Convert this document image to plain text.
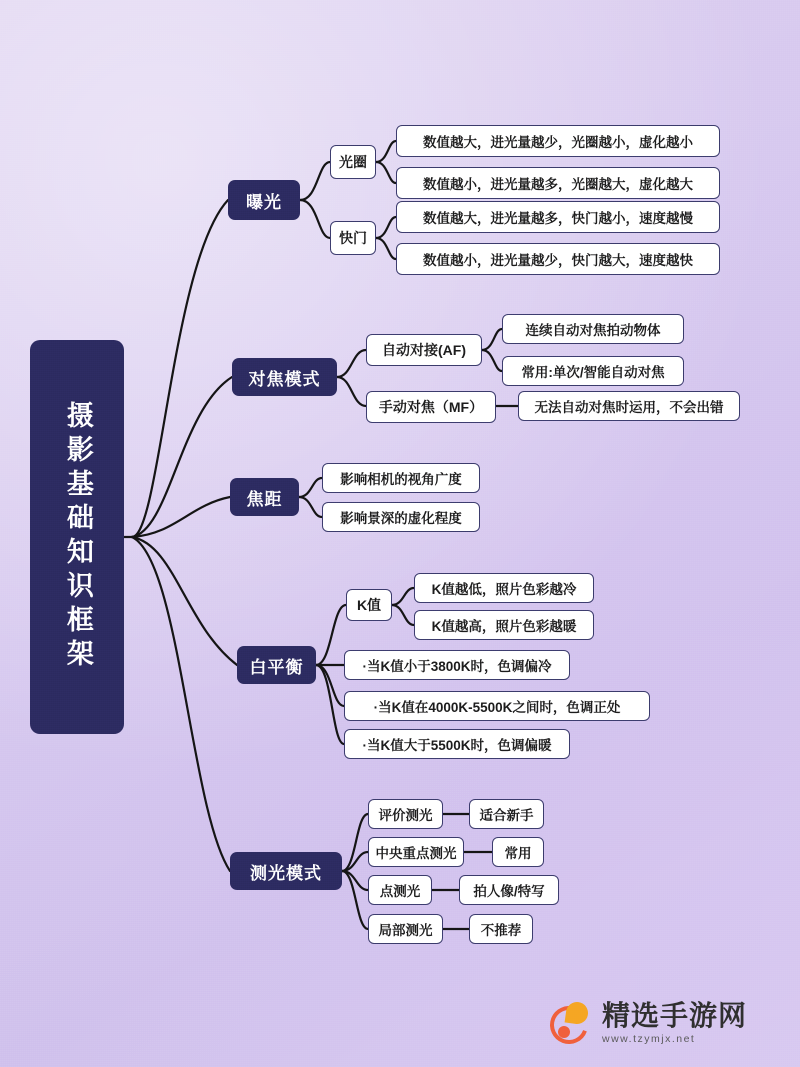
摄影基础知识框架
曝光
光圈
快门
数值越大，进光量越少，光圈越小，虚化越小
数值越小，进光量越多，光圈越大，虚化越大
数值越大，进光量越多，快门越小，速度越慢
数值越小，进光量越少，快门越大，速度越快
对焦模式
自动对接(AF)
手动对焦（MF）
连续自动对焦拍动物体
常用:单次/智能自动对焦
无法自动对焦时运用，不会出错
焦距
影响相机的视角广度
影响景深的虚化程度
白平衡
K值
K值越低，照片色彩越冷
K值越高，照片色彩越暖
·当K值小于3800K时，色调偏冷
·当K值在4000K-5500K之间时，色调正处
·当K值大于5500K时，色调偏暖
测光模式
评价测光
中央重点测光
点测光
局部测光
适合新手
常用
拍人像/特写
不推荐
精选手游网
www.tzymjx.net
